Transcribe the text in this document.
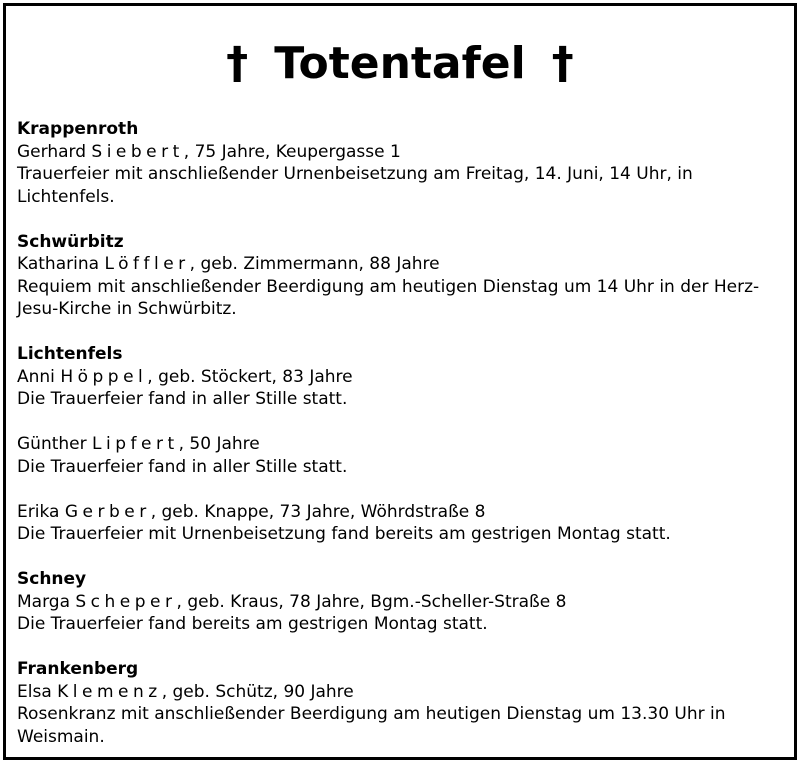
† Totentafel †
Krappenroth
Gerhard Siebert, 75 Jahre, Keupergasse 1
Trauerfeier mit anschließender Urnenbeisetzung am Freitag, 14. Juni, 14 Uhr, in Lichtenfels.
Schwürbitz
Katharina Löffler, geb. Zimmermann, 88 Jahre
Requiem mit anschließender Beerdigung am heutigen Dienstag um 14 Uhr in der Herz-Jesu-Kirche in Schwürbitz.
Lichtenfels
Anni Höppel, geb. Stöckert, 83 Jahre
Die Trauerfeier fand in aller Stille statt.
Günther Lipfert, 50 Jahre
Die Trauerfeier fand in aller Stille statt.
Erika Gerber, geb. Knappe, 73 Jahre, Wöhrdstraße 8
Die Trauerfeier mit Urnenbeisetzung fand bereits am gestrigen Montag statt.
Schney
Marga Scheper, geb. Kraus, 78 Jahre, Bgm.-Scheller-Straße 8
Die Trauerfeier fand bereits am gestrigen Montag statt.
Frankenberg
Elsa Klemenz, geb. Schütz, 90 Jahre
Rosenkranz mit anschließender Beerdigung am heutigen Dienstag um 13.30 Uhr in Weismain.
